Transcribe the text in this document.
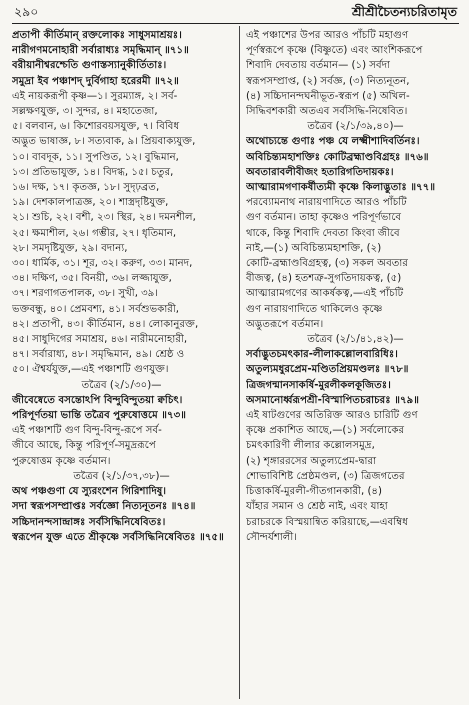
২৯০	শ্রীশ্রীচৈতন্যচরিতামৃত
প্রতাপী কীর্তিমান্ রক্তলোকঃ সাধুসমাশ্রয়ঃ।
নারীগণমনোহারী সর্বারাধ্যঃ সমৃদ্ধিমান্ ॥৭১॥
বরীয়ানীশ্বরশ্চেতি গুণাস্তস্যানুকীর্তিতাঃ।
সমুদ্রা ইব পঞ্চাশদ্ দুর্বিগাহা হরেরমী ॥৭২॥
এই নায়করূপী কৃষ্ণ—১। সুরম্যাঙ্গ, ২। সর্ব-
সল্লক্ষণযুক্ত, ৩। সুন্দর, ৪। মহাতেজা,
৫। বলবান, ৬। কিশোরবয়সযুক্ত, ৭। বিবিধ
অদ্ভুত ভাষাজ্ঞ, ৮। সত্যবাক, ৯। প্রিয়বাক্যযুক্ত,
১০। বাবদূক, ১১। সুপণ্ডিত, ১২। বুদ্ধিমান,
১৩। প্রতিভাযুক্ত, ১৪। বিদগ্ধ, ১৫। চতুর,
১৬। দক্ষ, ১৭। কৃতজ্ঞ, ১৮। সুদৃঢ়ব্রত,
১৯। দেশকালপাত্রজ্ঞ, ২০। শাস্ত্রদৃষ্টিযুক্ত,
২১। শুচি, ২২। বশী, ২৩। স্থির, ২৪। দমনশীল,
২৫। ক্ষমাশীল, ২৬। গম্ভীর, ২৭। ধৃতিমান,
২৮। সমদৃষ্টিযুক্ত, ২৯। বদান্য,
৩০। ধার্মিক, ৩১। শূর, ৩২। করুণ, ৩৩। মানদ,
৩৪। দক্ষিণ, ৩৫। বিনয়ী, ৩৬। লজ্জাযুক্ত,
৩৭। শরণাগতপালক, ৩৮। সুখী, ৩৯।
ভক্তবন্ধু, ৪০। প্রেমবশ্য, ৪১। সর্বশুভকারী,
৪২। প্রতাপী, ৪৩। কীর্তিমান, ৪৪। লোকানুরক্ত,
৪৫। সাধুদিগের সমাশ্রয়, ৪৬। নারীমনোহারী,
৪৭। সর্বারাধ্য, ৪৮। সমৃদ্ধিমান, ৪৯। শ্রেষ্ঠ ও
৫০। ঐশ্বর্যযুক্ত,—এই পঞ্চাশটি গুণযুক্ত।
তত্রৈব (২/১/৩০)—
জীবেষ্বেতে বসন্তোঽপি বিন্দুবিন্দুতয়া ক্বচিৎ।
পরিপূর্ণতয়া ভান্তি তত্রৈব পুরুষোত্তমে ॥৭৩॥
এই পঞ্চাশটি গুণ বিন্দু-বিন্দু-রূপে সর্ব-
জীবে আছে, কিন্তু পরিপূর্ণ-সমুদ্ররূপে
পুরুষোত্তম কৃষ্ণে বর্তমান।
তত্রৈব (২/১/৩৭,৩৮)—
অথ পঞ্চগুণা যে স্যুরংশেন গিরিশাদিষু।
সদা স্বরূপসম্প্রাপ্তঃ সর্বজ্ঞো নিত্যনূতনঃ ॥৭৪॥
সচ্চিদানন্দসান্দ্রাঙ্গঃ সর্বসিদ্ধিনিষেবিতঃ।
স্বরূপেন যুক্ত এতে শ্রীকৃষ্ণে সর্বসিদ্ধিনিষেবিতঃ ॥৭৫॥
এই পঞ্চাশের উপর আরও পাঁচটি মহাগুণ
পূর্ণস্বরূপে কৃষ্ণে (বিষ্ণুতে) এবং আংশিকরূপে
শিবাদি দেবতায় বর্তমান— (১) সর্বদা
স্বরূপসম্প্রাপ্ত, (২) সর্বজ্ঞ, (৩) নিত্যনূতন,
(৪) সচ্চিদানন্দঘনীভূত-স্বরূপ (৫) অখিল-
সিদ্ধিবশকারী অতএব সর্বসিদ্ধি-নিষেবিত।
তত্রৈব (২/১/৩৯,৪০)—
অথোচ্যন্তে গুণাঃ পঞ্চ যে লক্ষ্মীশাদিবর্তিনঃ।
অবিচিন্ত্যমহাশক্তিঃ কোটিব্রহ্মাণ্ডবিগ্রহঃ ॥৭৬॥
অবতারাবলীবীজং হতারিগতিদায়কঃ।
আত্মারামগণাকর্ষীত্যমী কৃষ্ণে কিলাদ্ভুতাঃ ॥৭৭॥
পরব্যোমনাথ নারায়ণাদিতে আরও পাঁচটি
গুণ বর্তমান। তাহা কৃষ্ণেও পরিপূর্ণভাবে
থাকে, কিন্তু শিবাদি দেবতা কিংবা জীবে
নাই,—(১) অবিচিন্ত্যমহাশক্তি, (২)
কোটি-ব্রহ্মাণ্ডবিগ্রহত্ব, (৩) সকল অবতার
বীজত্ব, (৪) হতশত্রু-সুগতিদায়কত্ব, (৫)
আত্মারামগণের আকর্ষকত্ব,—এই পাঁচটি
গুণ নারায়ণাদিতে থাকিলেও কৃষ্ণে
অদ্ভুতরূপে বর্তমান।
তত্রৈব (২/১/৪১,৪২)—
সর্বাদ্ভুতচমৎকার-লীলাকল্লোলবারিধিঃ।
অতুল্যমধুরপ্রেম-মণ্ডিতপ্রিয়মণ্ডলঃ ॥৭৮॥
ত্রিজগন্মানসাকর্ষি-মুরলীকলকূজিতঃ।
অসমানোর্ধ্বরূপশ্রী-বিস্মাপিতচরাচরঃ ॥৭৯॥
এই ষাটগুণের অতিরিক্ত আরও চারিটি গুণ
কৃষ্ণে প্রকাশিত আছে,—(১) সর্বলোকের
চমৎকারিণী লীলার কল্লোলসমুদ্র,
(২) শৃঙ্গাররসের অতুল্যপ্রেম-দ্বারা
শোভাবিশিষ্ট প্রেষ্ঠমণ্ডল, (৩) ত্রিজগতের
চিত্তাকর্ষি-মুরলী-গীতগানকারী, (৪)
যাঁহার সমান ও শ্রেষ্ঠ নাই, এবং যাহা
চরাচরকে বিস্ময়ান্বিত করিয়াছে,—এবম্বিধ
সৌন্দর্যশালী।
